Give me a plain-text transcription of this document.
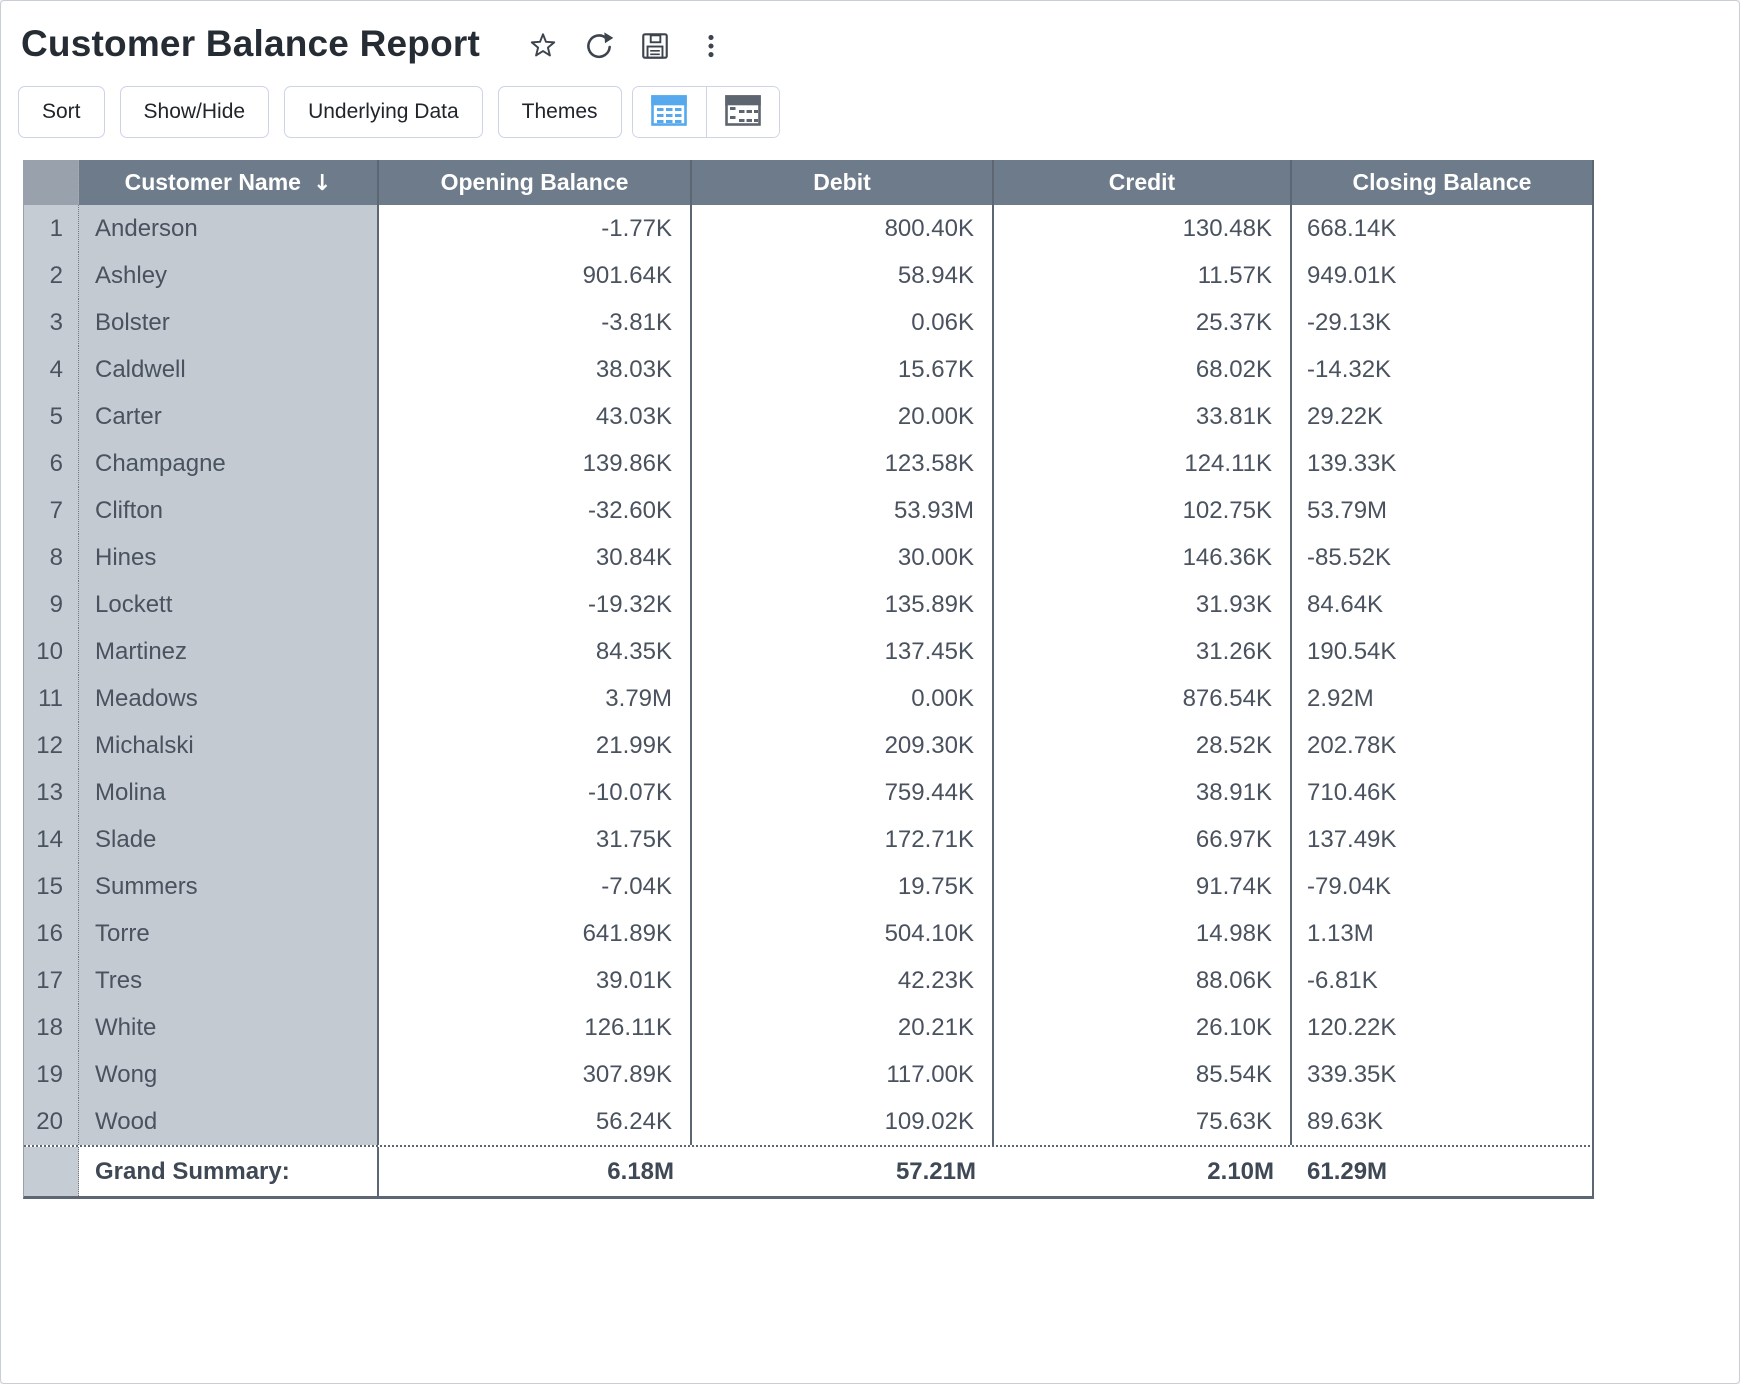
Customer Balance Report
Sort	Show/Hide	Underlying Data	Themes
Customer Name ↓	Opening Balance	Debit	Credit	Closing Balance
1	Anderson	-1.77K	800.40K	130.48K	668.14K
2	Ashley	901.64K	58.94K	11.57K	949.01K
3	Bolster	-3.81K	0.06K	25.37K	-29.13K
4	Caldwell	38.03K	15.67K	68.02K	-14.32K
5	Carter	43.03K	20.00K	33.81K	29.22K
6	Champagne	139.86K	123.58K	124.11K	139.33K
7	Clifton	-32.60K	53.93M	102.75K	53.79M
8	Hines	30.84K	30.00K	146.36K	-85.52K
9	Lockett	-19.32K	135.89K	31.93K	84.64K
10	Martinez	84.35K	137.45K	31.26K	190.54K
11	Meadows	3.79M	0.00K	876.54K	2.92M
12	Michalski	21.99K	209.30K	28.52K	202.78K
13	Molina	-10.07K	759.44K	38.91K	710.46K
14	Slade	31.75K	172.71K	66.97K	137.49K
15	Summers	-7.04K	19.75K	91.74K	-79.04K
16	Torre	641.89K	504.10K	14.98K	1.13M
17	Tres	39.01K	42.23K	88.06K	-6.81K
18	White	126.11K	20.21K	26.10K	120.22K
19	Wong	307.89K	117.00K	85.54K	339.35K
20	Wood	56.24K	109.02K	75.63K	89.63K
Grand Summary:	6.18M	57.21M	2.10M	61.29M
